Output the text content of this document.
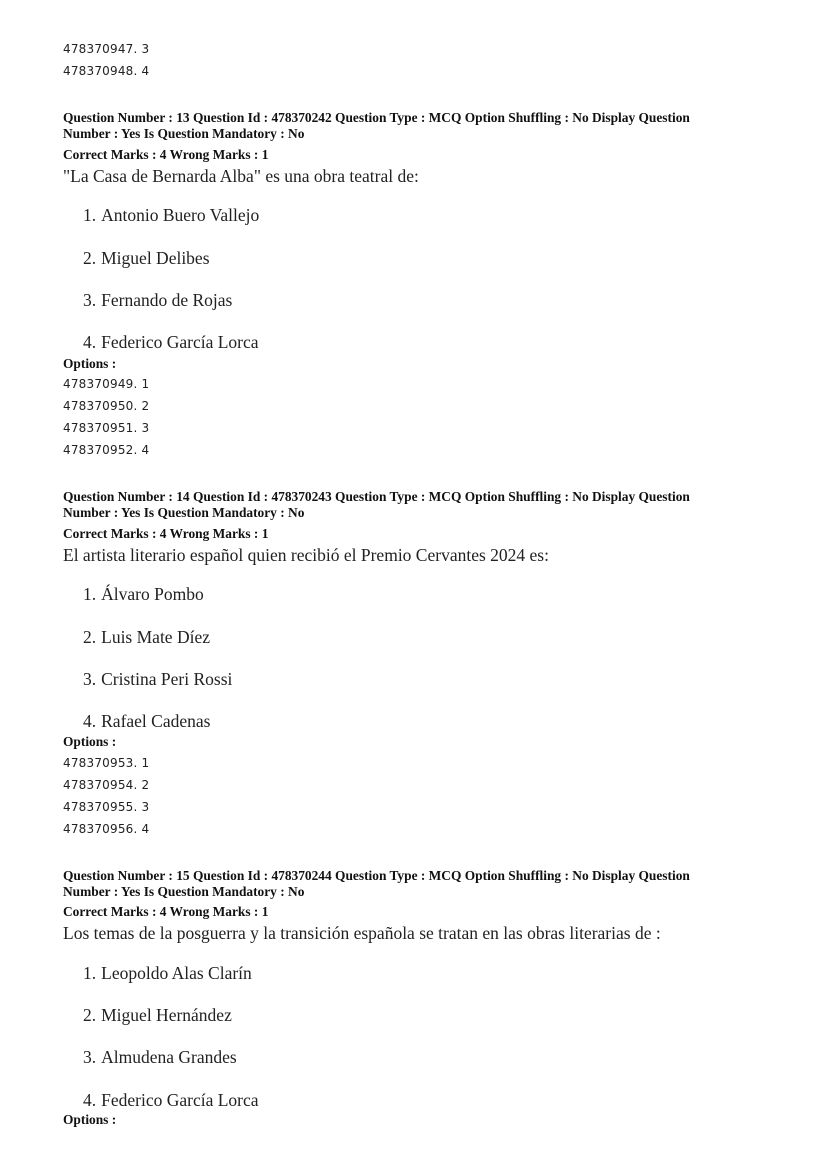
478370947. 3
478370948. 4
Question Number : 13 Question Id : 478370242 Question Type : MCQ Option Shuffling : No Display Question
Number : Yes Is Question Mandatory : No
Correct Marks : 4 Wrong Marks : 1
"La Casa de Bernarda Alba" es una obra teatral de:
1. Antonio Buero Vallejo
2. Miguel Delibes
3. Fernando de Rojas
4. Federico García Lorca
Options :
478370949. 1
478370950. 2
478370951. 3
478370952. 4
Question Number : 14 Question Id : 478370243 Question Type : MCQ Option Shuffling : No Display Question
Number : Yes Is Question Mandatory : No
Correct Marks : 4 Wrong Marks : 1
El artista literario español quien recibió el Premio Cervantes 2024 es:
1. Álvaro Pombo
2. Luis Mate Díez
3. Cristina Peri Rossi
4. Rafael Cadenas
Options :
478370953. 1
478370954. 2
478370955. 3
478370956. 4
Question Number : 15 Question Id : 478370244 Question Type : MCQ Option Shuffling : No Display Question
Number : Yes Is Question Mandatory : No
Correct Marks : 4 Wrong Marks : 1
Los temas de la posguerra y la transición española se tratan en las obras literarias de :
1. Leopoldo Alas Clarín
2. Miguel Hernández
3. Almudena Grandes
4. Federico García Lorca
Options :
